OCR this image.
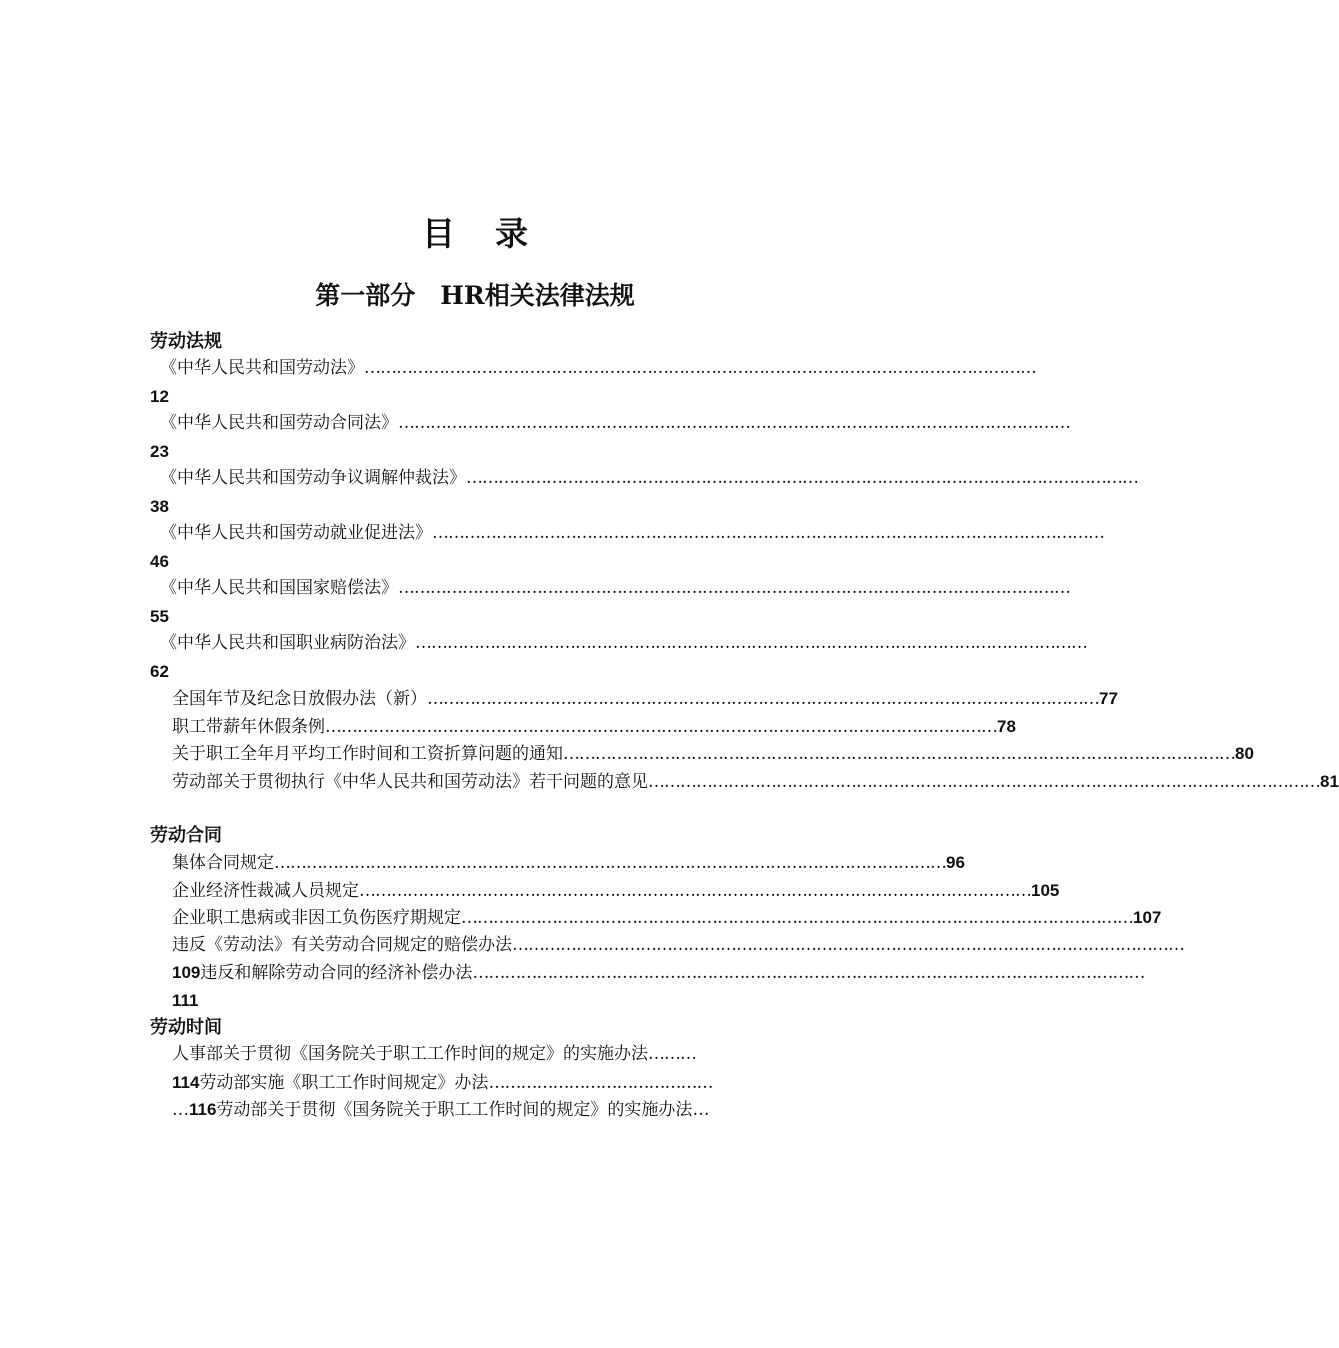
目 录
第一部分　HR相关法律法规
劳动法规
《中华人民共和国劳动法》 ………………………………………………………………………………………………………………
12
《中华人民共和国劳动合同法》 ………………………………………………………………………………………………………………
23
《中华人民共和国劳动争议调解仲裁法》 ………………………………………………………………………………………………………………
38
《中华人民共和国劳动就业促进法》 ………………………………………………………………………………………………………………
46
《中华人民共和国国家赔偿法》 ………………………………………………………………………………………………………………
55
《中华人民共和国职业病防治法》 ………………………………………………………………………………………………………………
62
全国年节及纪念日放假办法（新） ……………………………………………………………………………………………………………… 77
职工带薪年休假条例 ……………………………………………………………………………………………………………… 78
关于职工全年月平均工作时间和工资折算问题的通知 ……………………………………………………………………………………………………………… 80
劳动部关于贯彻执行《中华人民共和国劳动法》若干问题的意见 ……………………………………………………………………………………………………………… 81
劳动合同
集体合同规定 ……………………………………………………………………………………………………………… 96
企业经济性裁减人员规定 ……………………………………………………………………………………………………………… 105
企业职工患病或非因工负伤医疗期规定 ……………………………………………………………………………………………………………… 107
违反《劳动法》有关劳动合同规定的赔偿办法 ………………………………………………………………………………………………………………
109 违反和解除劳动合同的经济补偿办法 ………………………………………………………………………………………………………………
111
劳动时间
人事部关于贯彻《国务院关于职工工作时间的规定》的实施办法 ………
114 劳动部实施《职工工作时间规定》办法 ……………………………………
… 116 劳动部关于贯彻《国务院关于职工工作时间的规定》的实施办法 …
